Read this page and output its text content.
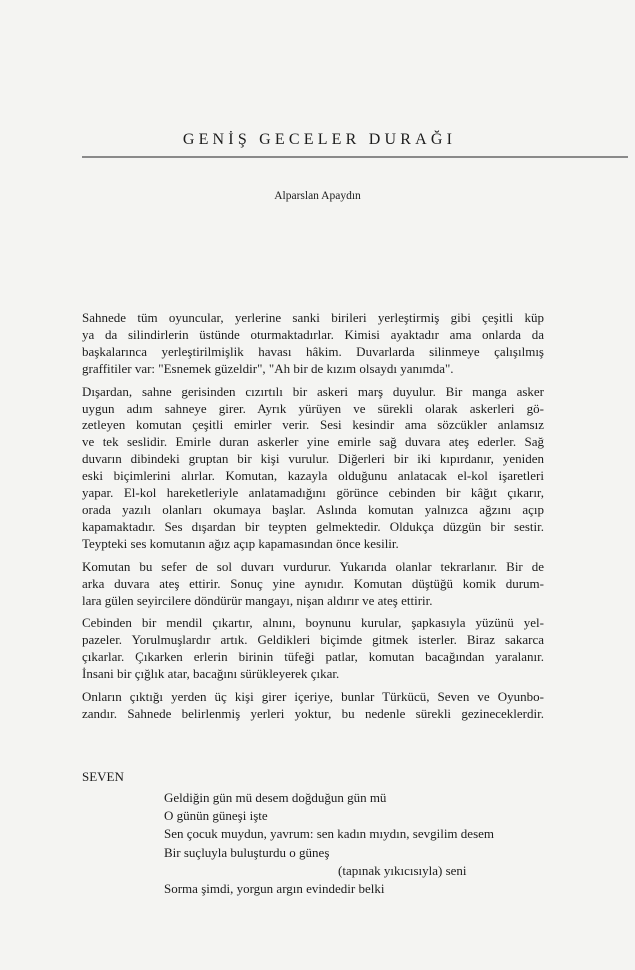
GENİŞ GECELER DURAĞI
Alparslan Apaydın
Sahnede tüm oyuncular, yerlerine sanki birileri yerleştirmiş gibi çeşitli küp
ya da silindirlerin üstünde oturmaktadırlar. Kimisi ayaktadır ama onlarda da
başkalarınca yerleştirilmişlik havası hâkim. Duvarlarda silinmeye çalışılmış
graffitiler var: "Esnemek güzeldir", "Ah bir de kızım olsaydı yanımda".
Dışardan, sahne gerisinden cızırtılı bir askeri marş duyulur. Bir manga asker
uygun adım sahneye girer. Ayrık yürüyen ve sürekli olarak askerleri gö-
zetleyen komutan çeşitli emirler verir. Sesi kesindir ama sözcükler anlamsız
ve tek seslidir. Emirle duran askerler yine emirle sağ duvara ateş ederler. Sağ
duvarın dibindeki gruptan bir kişi vurulur. Diğerleri bir iki kıpırdanır, yeniden
eski biçimlerini alırlar. Komutan, kazayla olduğunu anlatacak el-kol işaretleri
yapar. El-kol hareketleriyle anlatamadığını görünce cebinden bir kâğıt çıkarır,
orada yazılı olanları okumaya başlar. Aslında komutan yalnızca ağzını açıp
kapamaktadır. Ses dışardan bir teypten gelmektedir. Oldukça düzgün bir sestir.
Teypteki ses komutanın ağız açıp kapamasından önce kesilir.
Komutan bu sefer de sol duvarı vurdurur. Yukarıda olanlar tekrarlanır. Bir de
arka duvara ateş ettirir. Sonuç yine aynıdır. Komutan düştüğü komik durum-
lara gülen seyircilere döndürür mangayı, nişan aldırır ve ateş ettirir.
Cebinden bir mendil çıkartır, alnını, boynunu kurular, şapkasıyla yüzünü yel-
pazeler. Yorulmuşlardır artık. Geldikleri biçimde gitmek isterler. Biraz sakarca
çıkarlar. Çıkarken erlerin birinin tüfeği patlar, komutan bacağından yaralanır.
İnsani bir çığlık atar, bacağını sürükleyerek çıkar.
Onların çıktığı yerden üç kişi girer içeriye, bunlar Türkücü, Seven ve Oyunbo-
zandır. Sahnede belirlenmiş yerleri yoktur, bu nedenle sürekli gezineceklerdir.
SEVEN
Geldiğin gün mü desem doğduğun gün mü
O günün güneşi işte
Sen çocuk muydun, yavrum: sen kadın mıydın, sevgilim desem
Bir suçluyla buluşturdu o güneş
(tapınak yıkıcısıyla) seni
Sorma şimdi, yorgun argın evindedir belki
